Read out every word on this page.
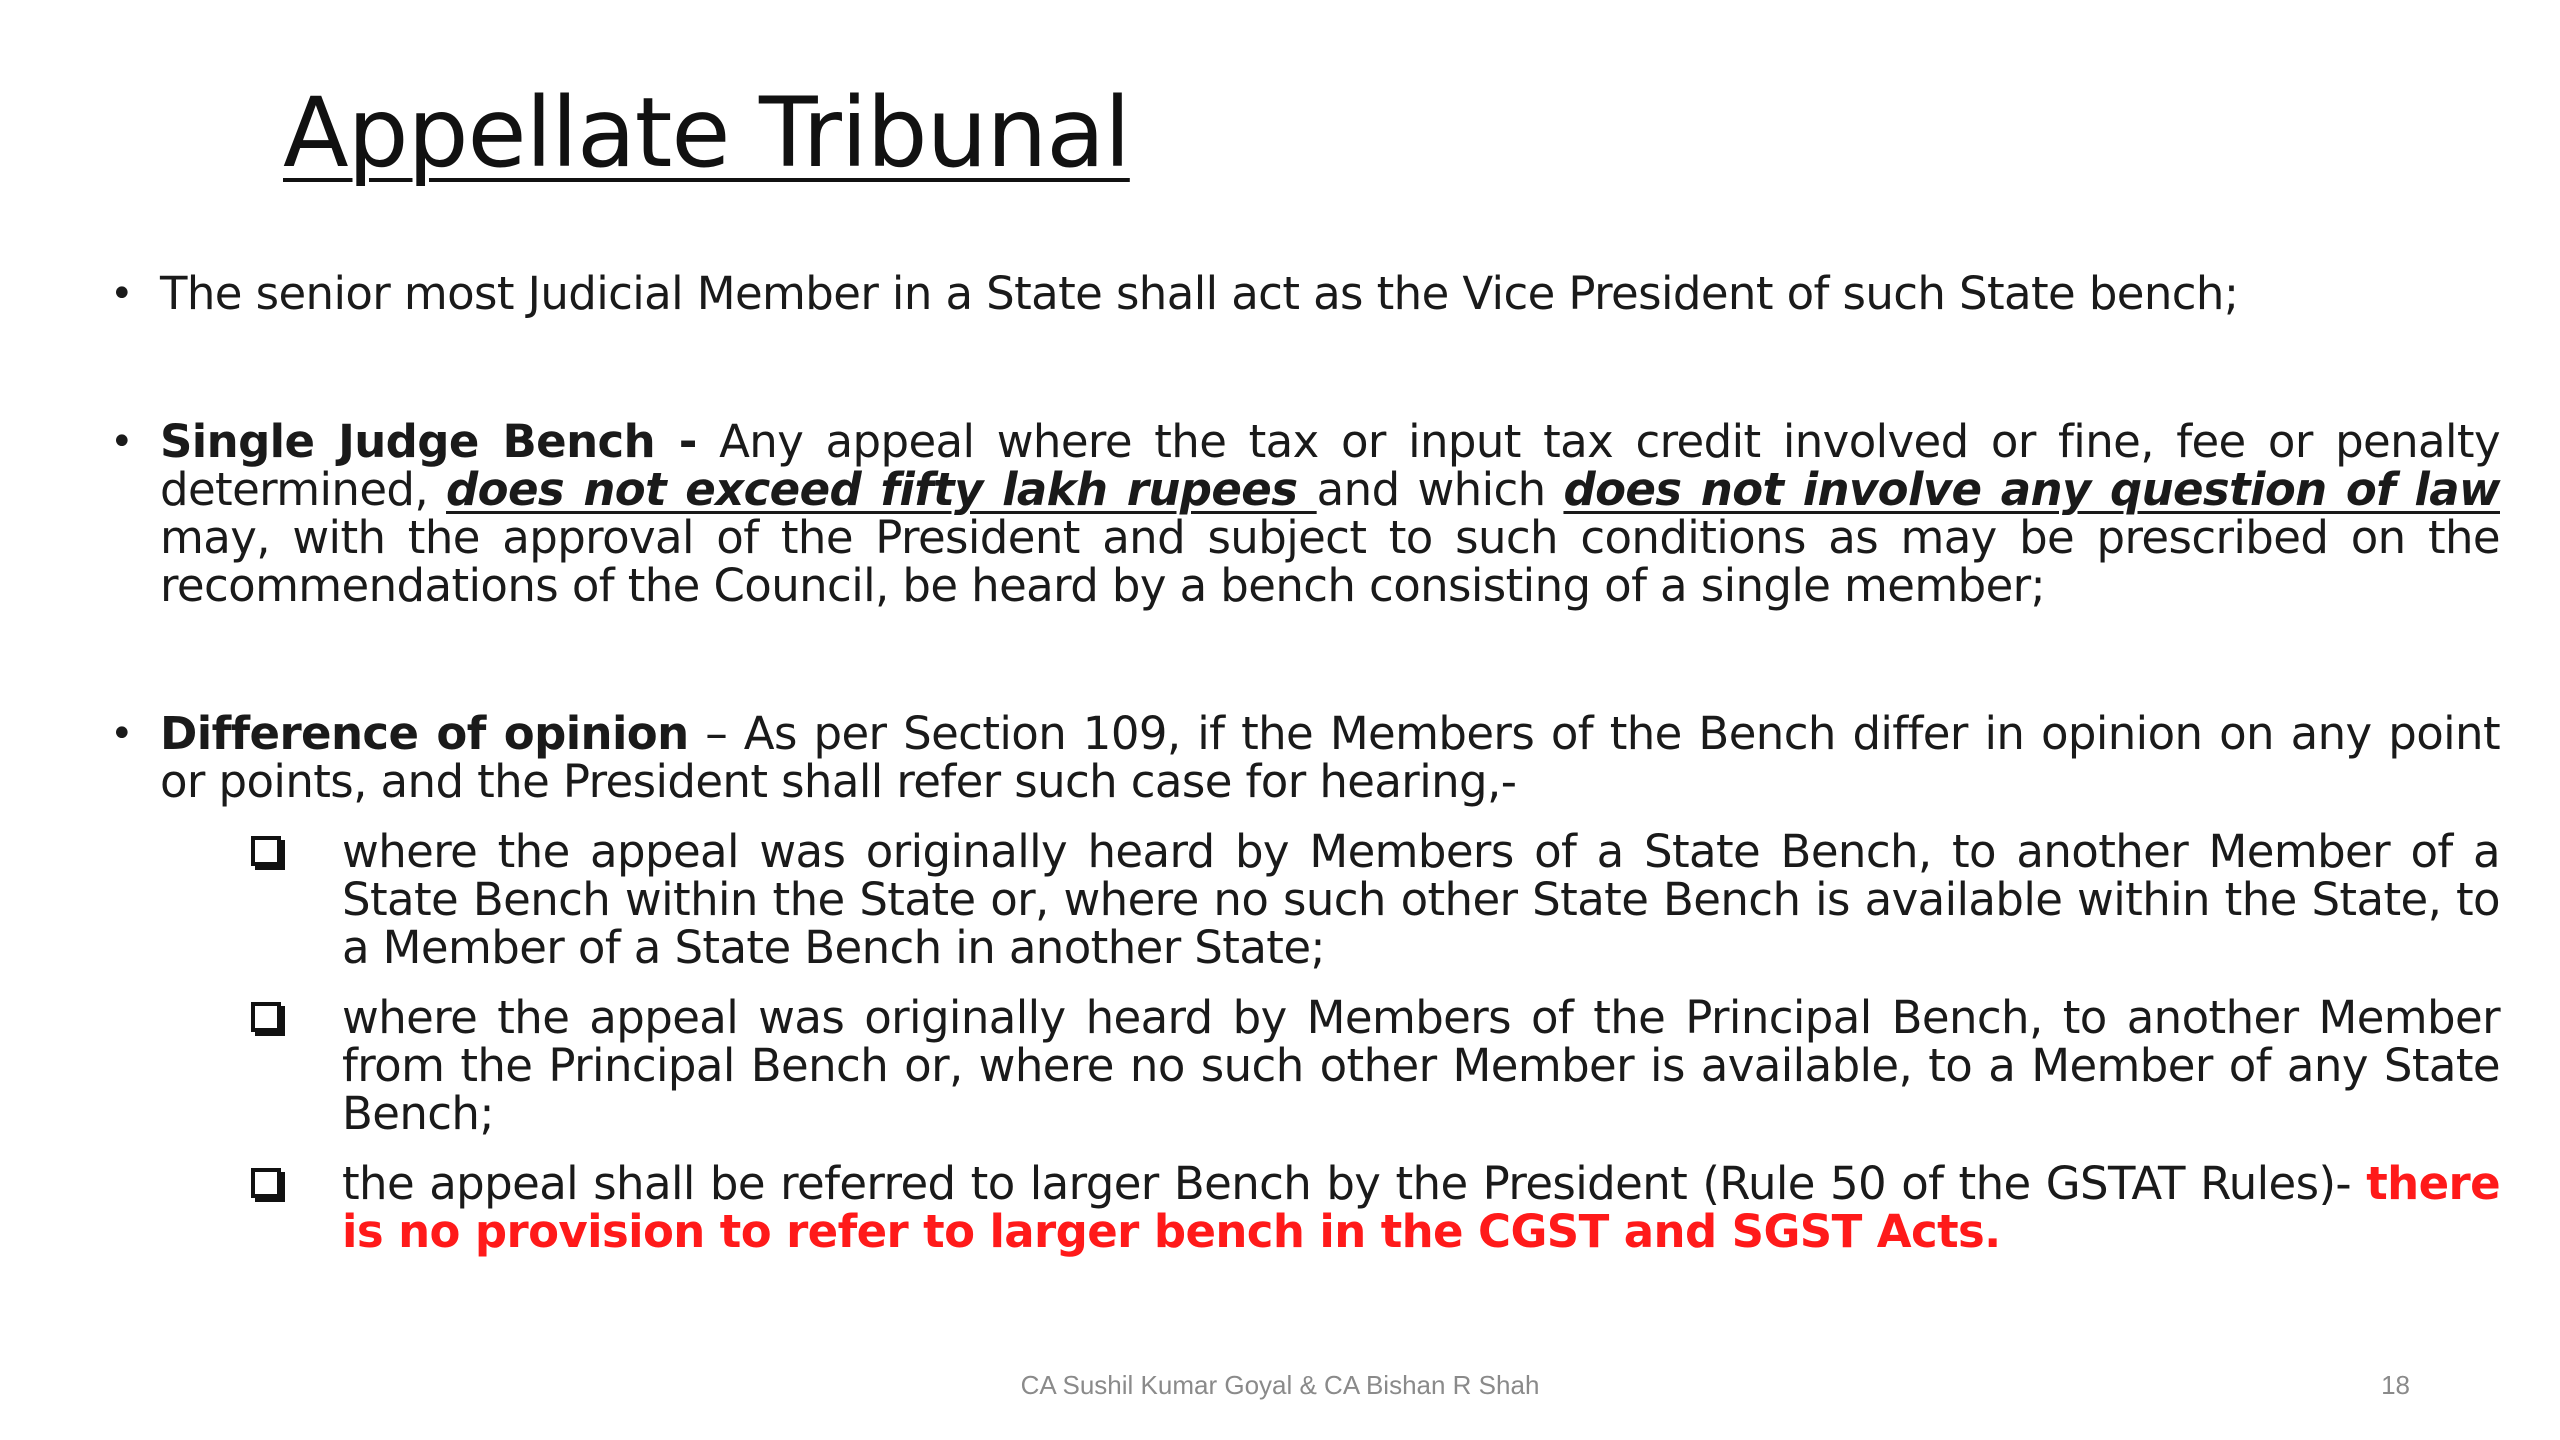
Appellate Tribunal
• The senior most Judicial Member in a State shall act as the Vice President of such State bench;
• Single Judge Bench - Any appeal where the tax or input tax credit involved or fine, fee or penalty determined, does not exceed fifty lakh rupees and which does not involve any question of law may, with the approval of the President and subject to such conditions as may be prescribed on the recommendations of the Council, be heard by a bench consisting of a single member;
• Difference of opinion – As per Section 109, if the Members of the Bench differ in opinion on any point or points, and the President shall refer such case for hearing,-
where the appeal was originally heard by Members of a State Bench, to another Member of a State Bench within the State or, where no such other State Bench is available within the State, to a Member of a State Bench in another State;
where the appeal was originally heard by Members of the Principal Bench, to another Member from the Principal Bench or, where no such other Member is available, to a Member of any State Bench;
the appeal shall be referred to larger Bench by the President (Rule 50 of the GSTAT Rules)- there is no provision to refer to larger bench in the CGST and SGST Acts.
CA Sushil Kumar Goyal & CA Bishan R Shah	18
